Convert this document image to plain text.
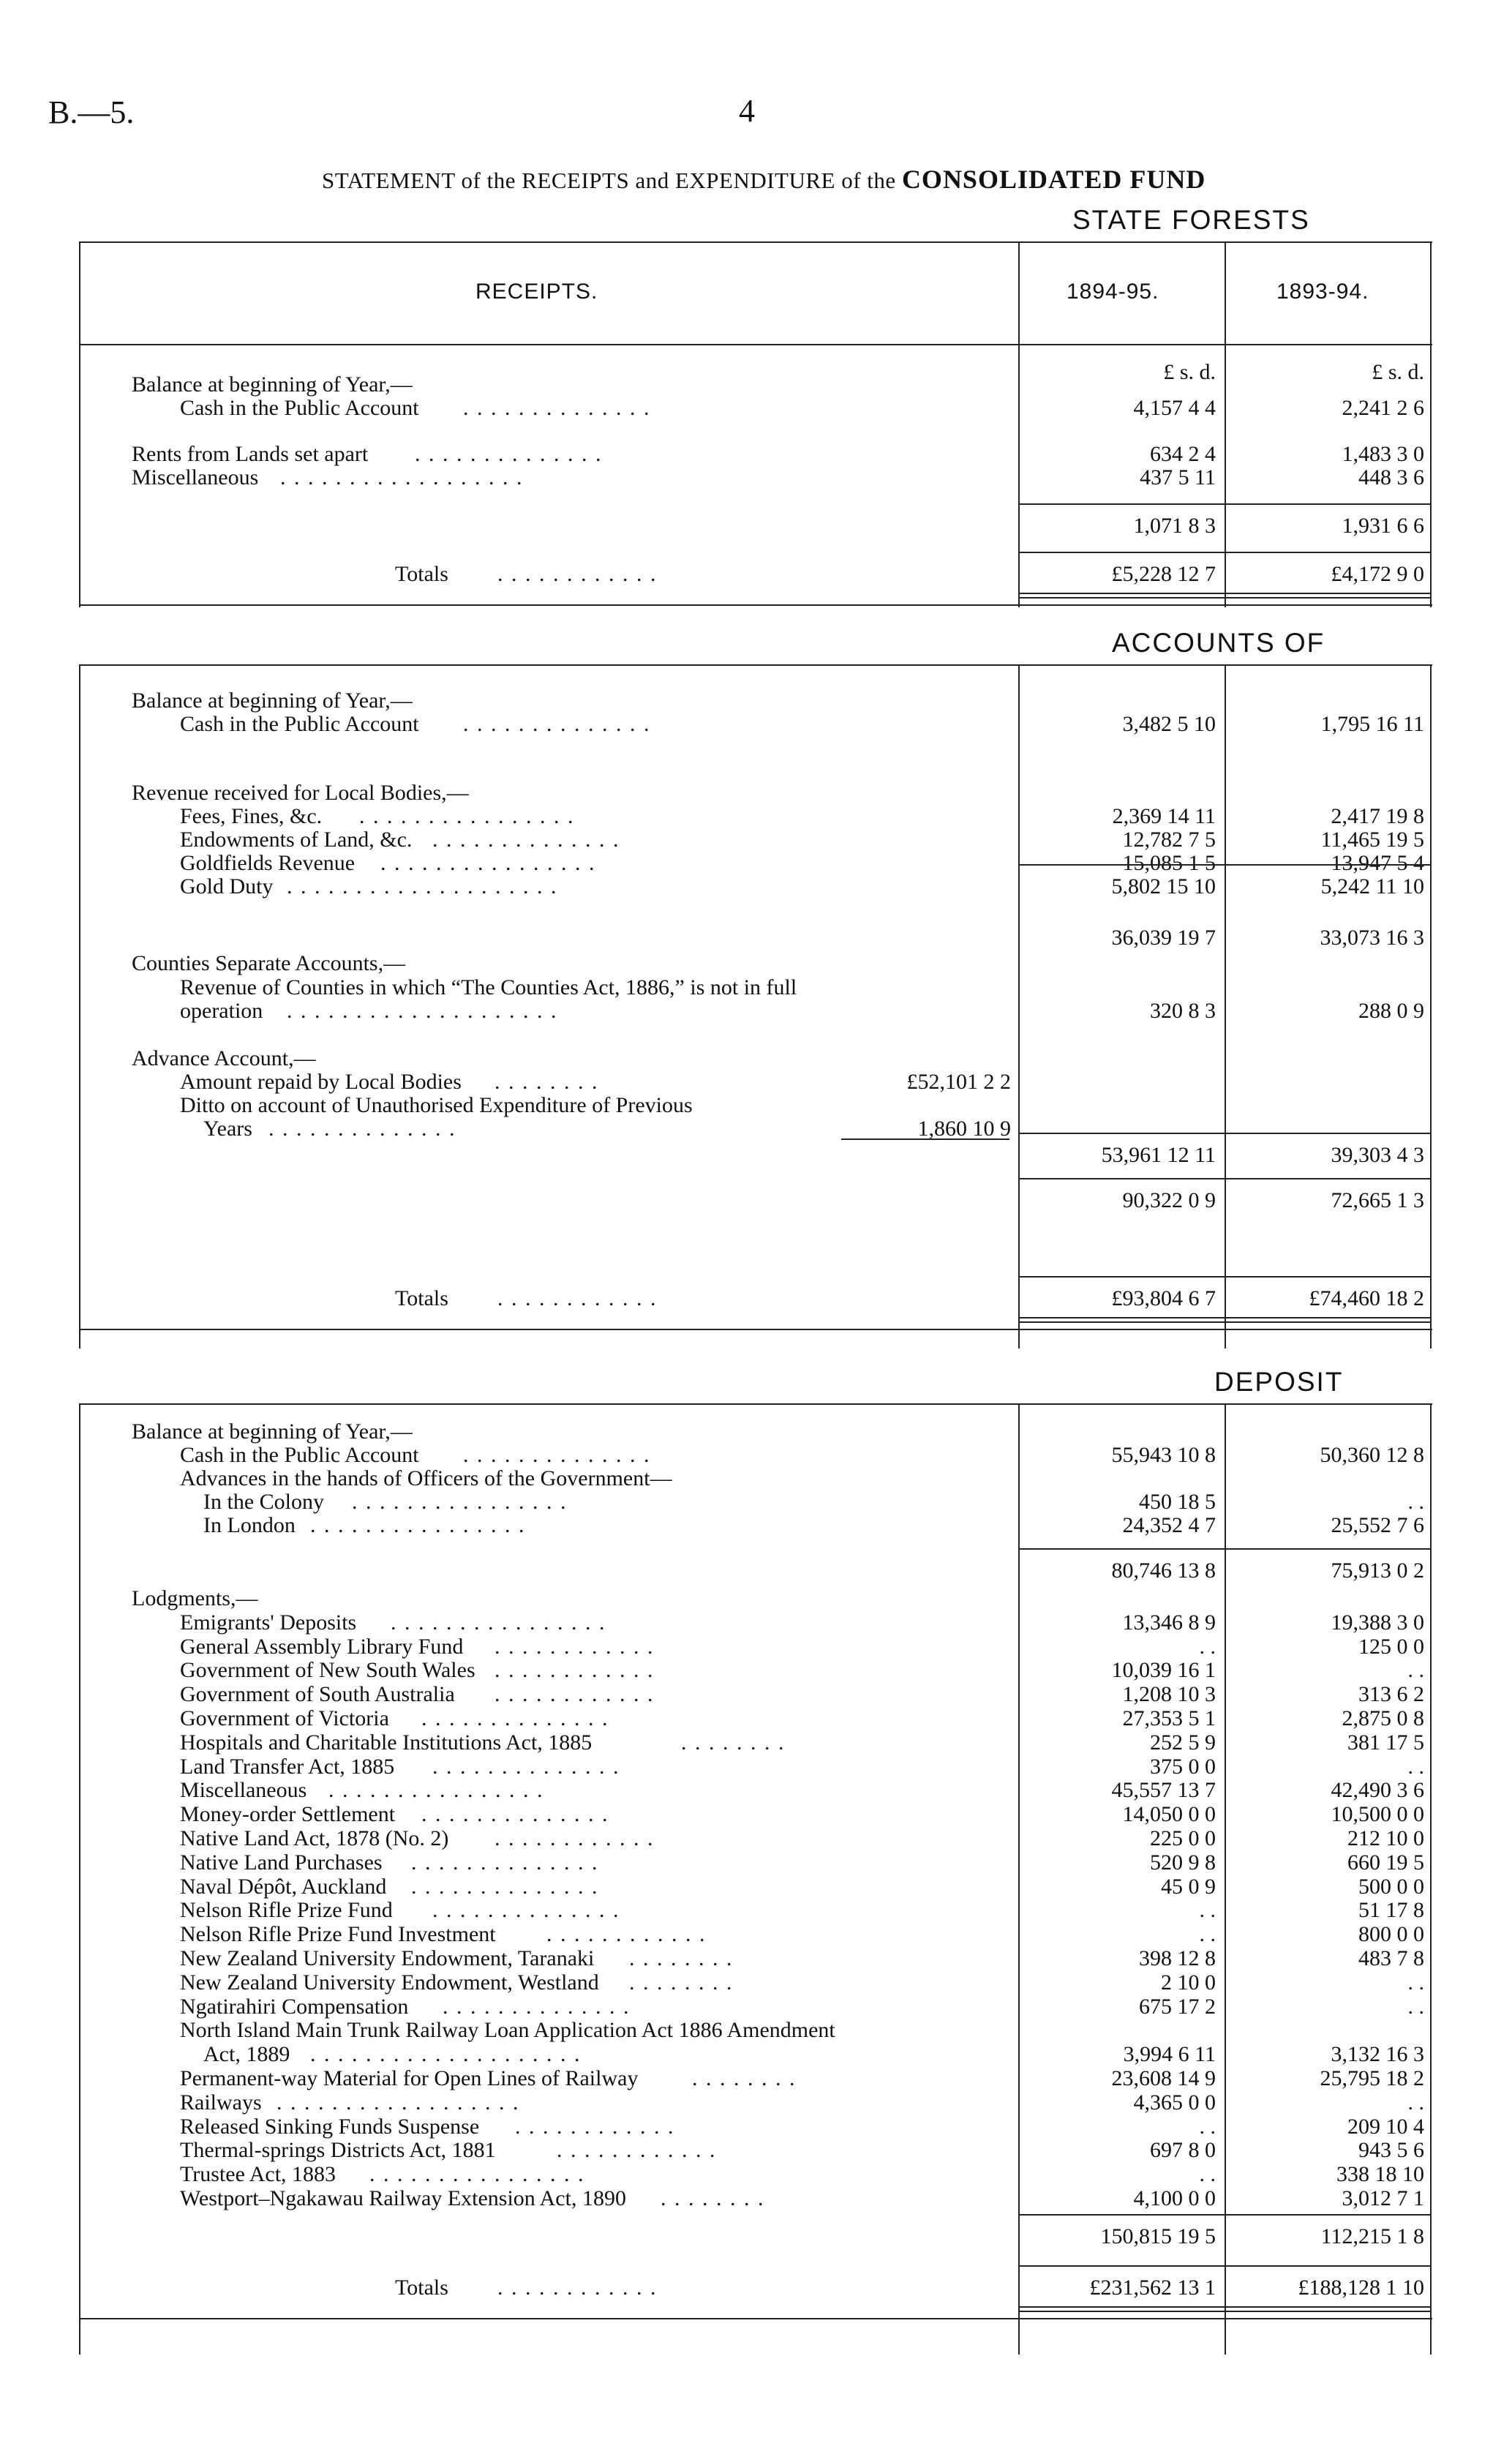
B.—5.	4
STATEMENT of the RECEIPTS and EXPENDITURE of the CONSOLIDATED FUND
STATE FORESTS
RECEIPTS.	1894-95.	1893-94.
£ s. d.	£ s. d.
Balance at beginning of Year,—
Cash in the Public Account . . . . . . . . . . . . . .	4,157 4 4	2,241 2 6
Rents from Lands set apart . . . . . . . . . . . . . .	634 2 4	1,483 3 0
Miscellaneous . . . . . . . . . . . . . . . . . .	437 5 11	448 3 6
1,071 8 3	1,931 6 6
Totals . . . . . . . . . . . .	£5,228 12 7	£4,172 9 0
ACCOUNTS OF
Balance at beginning of Year,—
Cash in the Public Account . . . . . . . . . . . . . .	3,482 5 10	1,795 16 11
Revenue received for Local Bodies,—
Fees, Fines, &c. . . . . . . . . . . . . . . . .	2,369 14 11	2,417 19 8
Endowments of Land, &c. . . . . . . . . . . . . . .	12,782 7 5	11,465 19 5
Goldfields Revenue . . . . . . . . . . . . . . . .	15,085 1 5	13,947 5 4
Gold Duty . . . . . . . . . . . . . . . . . . . .	5,802 15 10	5,242 11 10
36,039 19 7	33,073 16 3
Counties Separate Accounts,—
Revenue of Counties in which “The Counties Act, 1886,” is not in full
operation . . . . . . . . . . . . . . . . . . . .	320 8 3	288 0 9
Advance Account,—
Amount repaid by Local Bodies . . . . . . . .	£52,101 2 2
Ditto on account of Unauthorised Expenditure of Previous
Years . . . . . . . . . . . . . .	1,860 10 9
53,961 12 11	39,303 4 3
90,322 0 9	72,665 1 3
Totals . . . . . . . . . . . .	£93,804 6 7	£74,460 18 2
DEPOSIT
Balance at beginning of Year,—
Cash in the Public Account . . . . . . . . . . . . . .	55,943 10 8	50,360 12 8
Advances in the hands of Officers of the Government—
In the Colony . . . . . . . . . . . . . . . .	450 18 5	. .
In London . . . . . . . . . . . . . . . .	24,352 4 7	25,552 7 6
80,746 13 8	75,913 0 2
Lodgments,—
Emigrants' Deposits . . . . . . . . . . . . . . . .	13,346 8 9	19,388 3 0
General Assembly Library Fund . . . . . . . . . . . .	. .	125 0 0
Government of New South Wales . . . . . . . . . . . .	10,039 16 1	. .
Government of South Australia . . . . . . . . . . . .	1,208 10 3	313 6 2
Government of Victoria . . . . . . . . . . . . . .	27,353 5 1	2,875 0 8
Hospitals and Charitable Institutions Act, 1885	. . . . . . . .	252 5 9	381 17 5
Land Transfer Act, 1885 . . . . . . . . . . . . . .	375 0 0	. .
Miscellaneous . . . . . . . . . . . . . . . .	45,557 13 7	42,490 3 6
Money-order Settlement . . . . . . . . . . . . . .	14,050 0 0	10,500 0 0
Native Land Act, 1878 (No. 2) . . . . . . . . . . . .	225 0 0	212 10 0
Native Land Purchases . . . . . . . . . . . . . .	520 9 8	660 19 5
Naval Dépôt, Auckland . . . . . . . . . . . . . .	45 0 9	500 0 0
Nelson Rifle Prize Fund . . . . . . . . . . . . . .	. .	51 17 8
Nelson Rifle Prize Fund Investment . . . . . . . . . . . .	. .	800 0 0
New Zealand University Endowment, Taranaki . . . . . . . .	398 12 8	483 7 8
New Zealand University Endowment, Westland . . . . . . . .	2 10 0	. .
Ngatirahiri Compensation . . . . . . . . . . . . . .	675 17 2	. .
North Island Main Trunk Railway Loan Application Act 1886 Amendment
Act, 1889 . . . . . . . . . . . . . . . . . . . .	3,994 6 11	3,132 16 3
Permanent-way Material for Open Lines of Railway . . . . . . . .	23,608 14 9	25,795 18 2
Railways . . . . . . . . . . . . . . . . . .	4,365 0 0	. .
Released Sinking Funds Suspense . . . . . . . . . . . .	. .	209 10 4
Thermal-springs Districts Act, 1881	. . . . . . . . . . . .	697 8 0	943 5 6
Trustee Act, 1883 . . . . . . . . . . . . . . . .	. .	338 18 10
Westport–Ngakawau Railway Extension Act, 1890 . . . . . . . .	4,100 0 0	3,012 7 1
150,815 19 5	112,215 1 8
Totals . . . . . . . . . . . .	£231,562 13 1	£188,128 1 10
